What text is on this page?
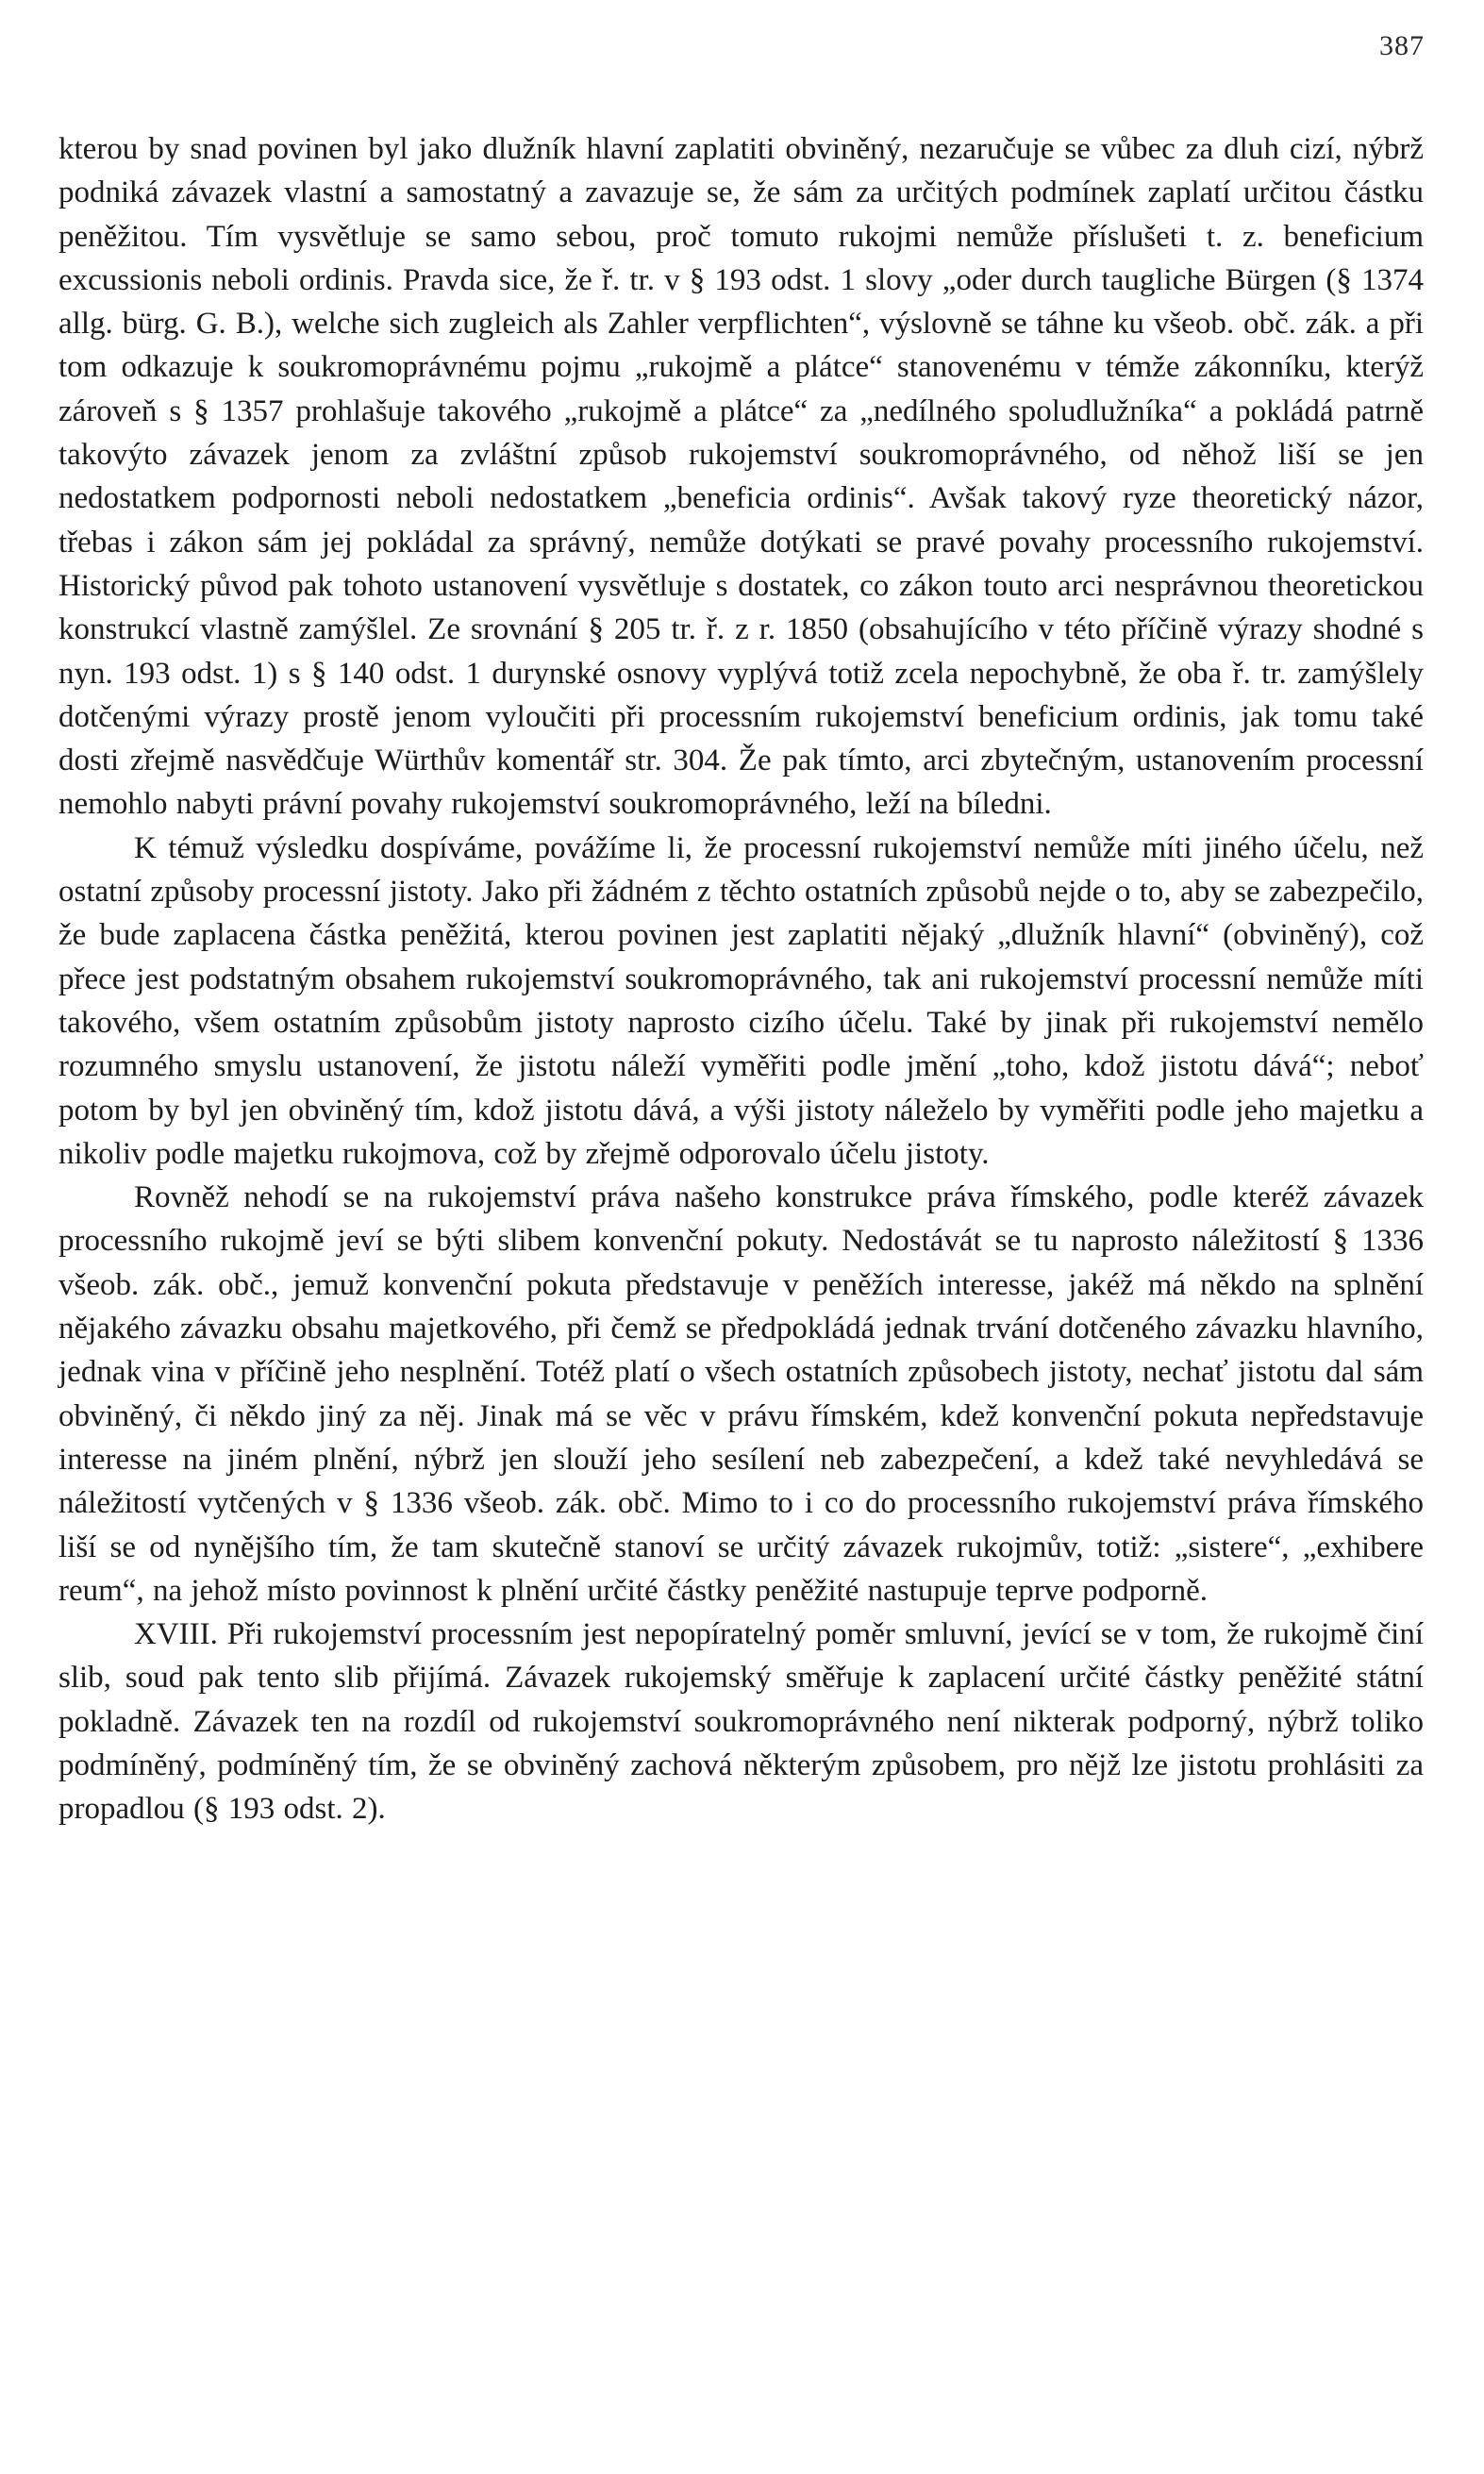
387

kterou by snad povinen byl jako dlužník hlavní zaplatiti obviněný, nezaručuje se vůbec za dluh cizí, nýbrž podniká závazek vlastní a samostatný a zavazuje se, že sám za určitých podmínek zaplatí určitou částku peněžitou. Tím vysvětluje se samo sebou, proč tomuto rukojmi nemůže příslušeti t. z. beneficium excussionis neboli ordinis. Pravda sice, že ř. tr. v § 193 odst. 1 slovy „oder durch taugliche Bürgen (§ 1374 allg. bürg. G. B.), welche sich zugleich als Zahler verpflichten“, výslovně se táhne ku všeob. obč. zák. a při tom odkazuje k soukromoprávnému pojmu „rukojmě a plátce“ stanovenému v témže zákonníku, kterýž zároveň s § 1357 prohlašuje takového „rukojmě a plátce“ za „nedílného spoludlužníka“ a pokládá patrně takovýto závazek jenom za zvláštní způsob rukojemství soukromoprávného, od něhož liší se jen nedostatkem podpornosti neboli nedostatkem „beneficia ordinis“. Avšak takový ryze theoretický názor, třebas i zákon sám jej pokládal za správný, nemůže dotýkati se pravé povahy processního rukojemství. Historický původ pak tohoto ustanovení vysvětluje s dostatek, co zákon touto arci nesprávnou theoretickou konstrukcí vlastně zamýšlel. Ze srovnání § 205 tr. ř. z r. 1850 (obsahujícího v této příčině výrazy shodné s nyn. 193 odst. 1) s § 140 odst. 1 durynské osnovy vyplývá totiž zcela nepochybně, že oba ř. tr. zamýšlely dotčenými výrazy prostě jenom vyloučiti při processním rukojemství beneficium ordinis, jak tomu také dosti zřejmě nasvědčuje Würthův komentář str. 304. Že pak tímto, arci zbytečným, ustanovením processní nemohlo nabyti právní povahy rukojemství soukromoprávného, leží na bíledni.

K témuž výsledku dospíváme, povážíme li, že processní rukojemství nemůže míti jiného účelu, než ostatní způsoby processní jistoty. Jako při žádném z těchto ostatních způsobů nejde o to, aby se zabezpečilo, že bude zaplacena částka peněžitá, kterou povinen jest zaplatiti nějaký „dlužník hlavní“ (obviněný), což přece jest podstatným obsahem rukojemství soukromoprávného, tak ani rukojemství processní nemůže míti takového, všem ostatním způsobům jistoty naprosto cizího účelu. Také by jinak při rukojemství nemělo rozumného smyslu ustanovení, že jistotu náleží vyměřiti podle jmění „toho, kdož jistotu dává“; neboť potom by byl jen obviněný tím, kdož jistotu dává, a výši jistoty náleželo by vyměřiti podle jeho majetku a nikoliv podle majetku rukojmova, což by zřejmě odporovalo účelu jistoty.

Rovněž nehodí se na rukojemství práva našeho konstrukce práva římského, podle kteréž závazek processního rukojmě jeví se býti slibem konvenční pokuty. Nedostávát se tu naprosto náležitostí § 1336 všeob. zák. obč., jemuž konvenční pokuta představuje v peněžích interesse, jakéž má někdo na splnění nějakého závazku obsahu majetkového, při čemž se předpokládá jednak trvání dotčeného závazku hlavního, jednak vina v příčině jeho nesplnění. Totéž platí o všech ostatních způsobech jistoty, nechať jistotu dal sám obviněný, či někdo jiný za něj. Jinak má se věc v právu římském, kdež konvenční pokuta nepředstavuje interesse na jiném plnění, nýbrž jen slouží jeho sesílení neb zabezpečení, a kdež také nevyhledává se náležitostí vytčených v § 1336 všeob. zák. obč. Mimo to i co do processního rukojemství práva římského liší se od nynějšího tím, že tam skutečně stanoví se určitý závazek rukojmův, totiž: „sistere“, „exhibere reum“, na jehož místo povinnost k plnění určité částky peněžité nastupuje teprve podporně.

XVIII. Při rukojemství processním jest nepopíratelný poměr smluvní, jevící se v tom, že rukojmě činí slib, soud pak tento slib přijímá. Závazek rukojemský směřuje k zaplacení určité částky peněžité státní pokladně. Závazek ten na rozdíl od rukojemství soukromoprávného není nikterak podporný, nýbrž toliko podmíněný, podmíněný tím, že se obviněný zachová některým způsobem, pro nějž lze jistotu prohlásiti za propadlou (§ 193 odst. 2).
